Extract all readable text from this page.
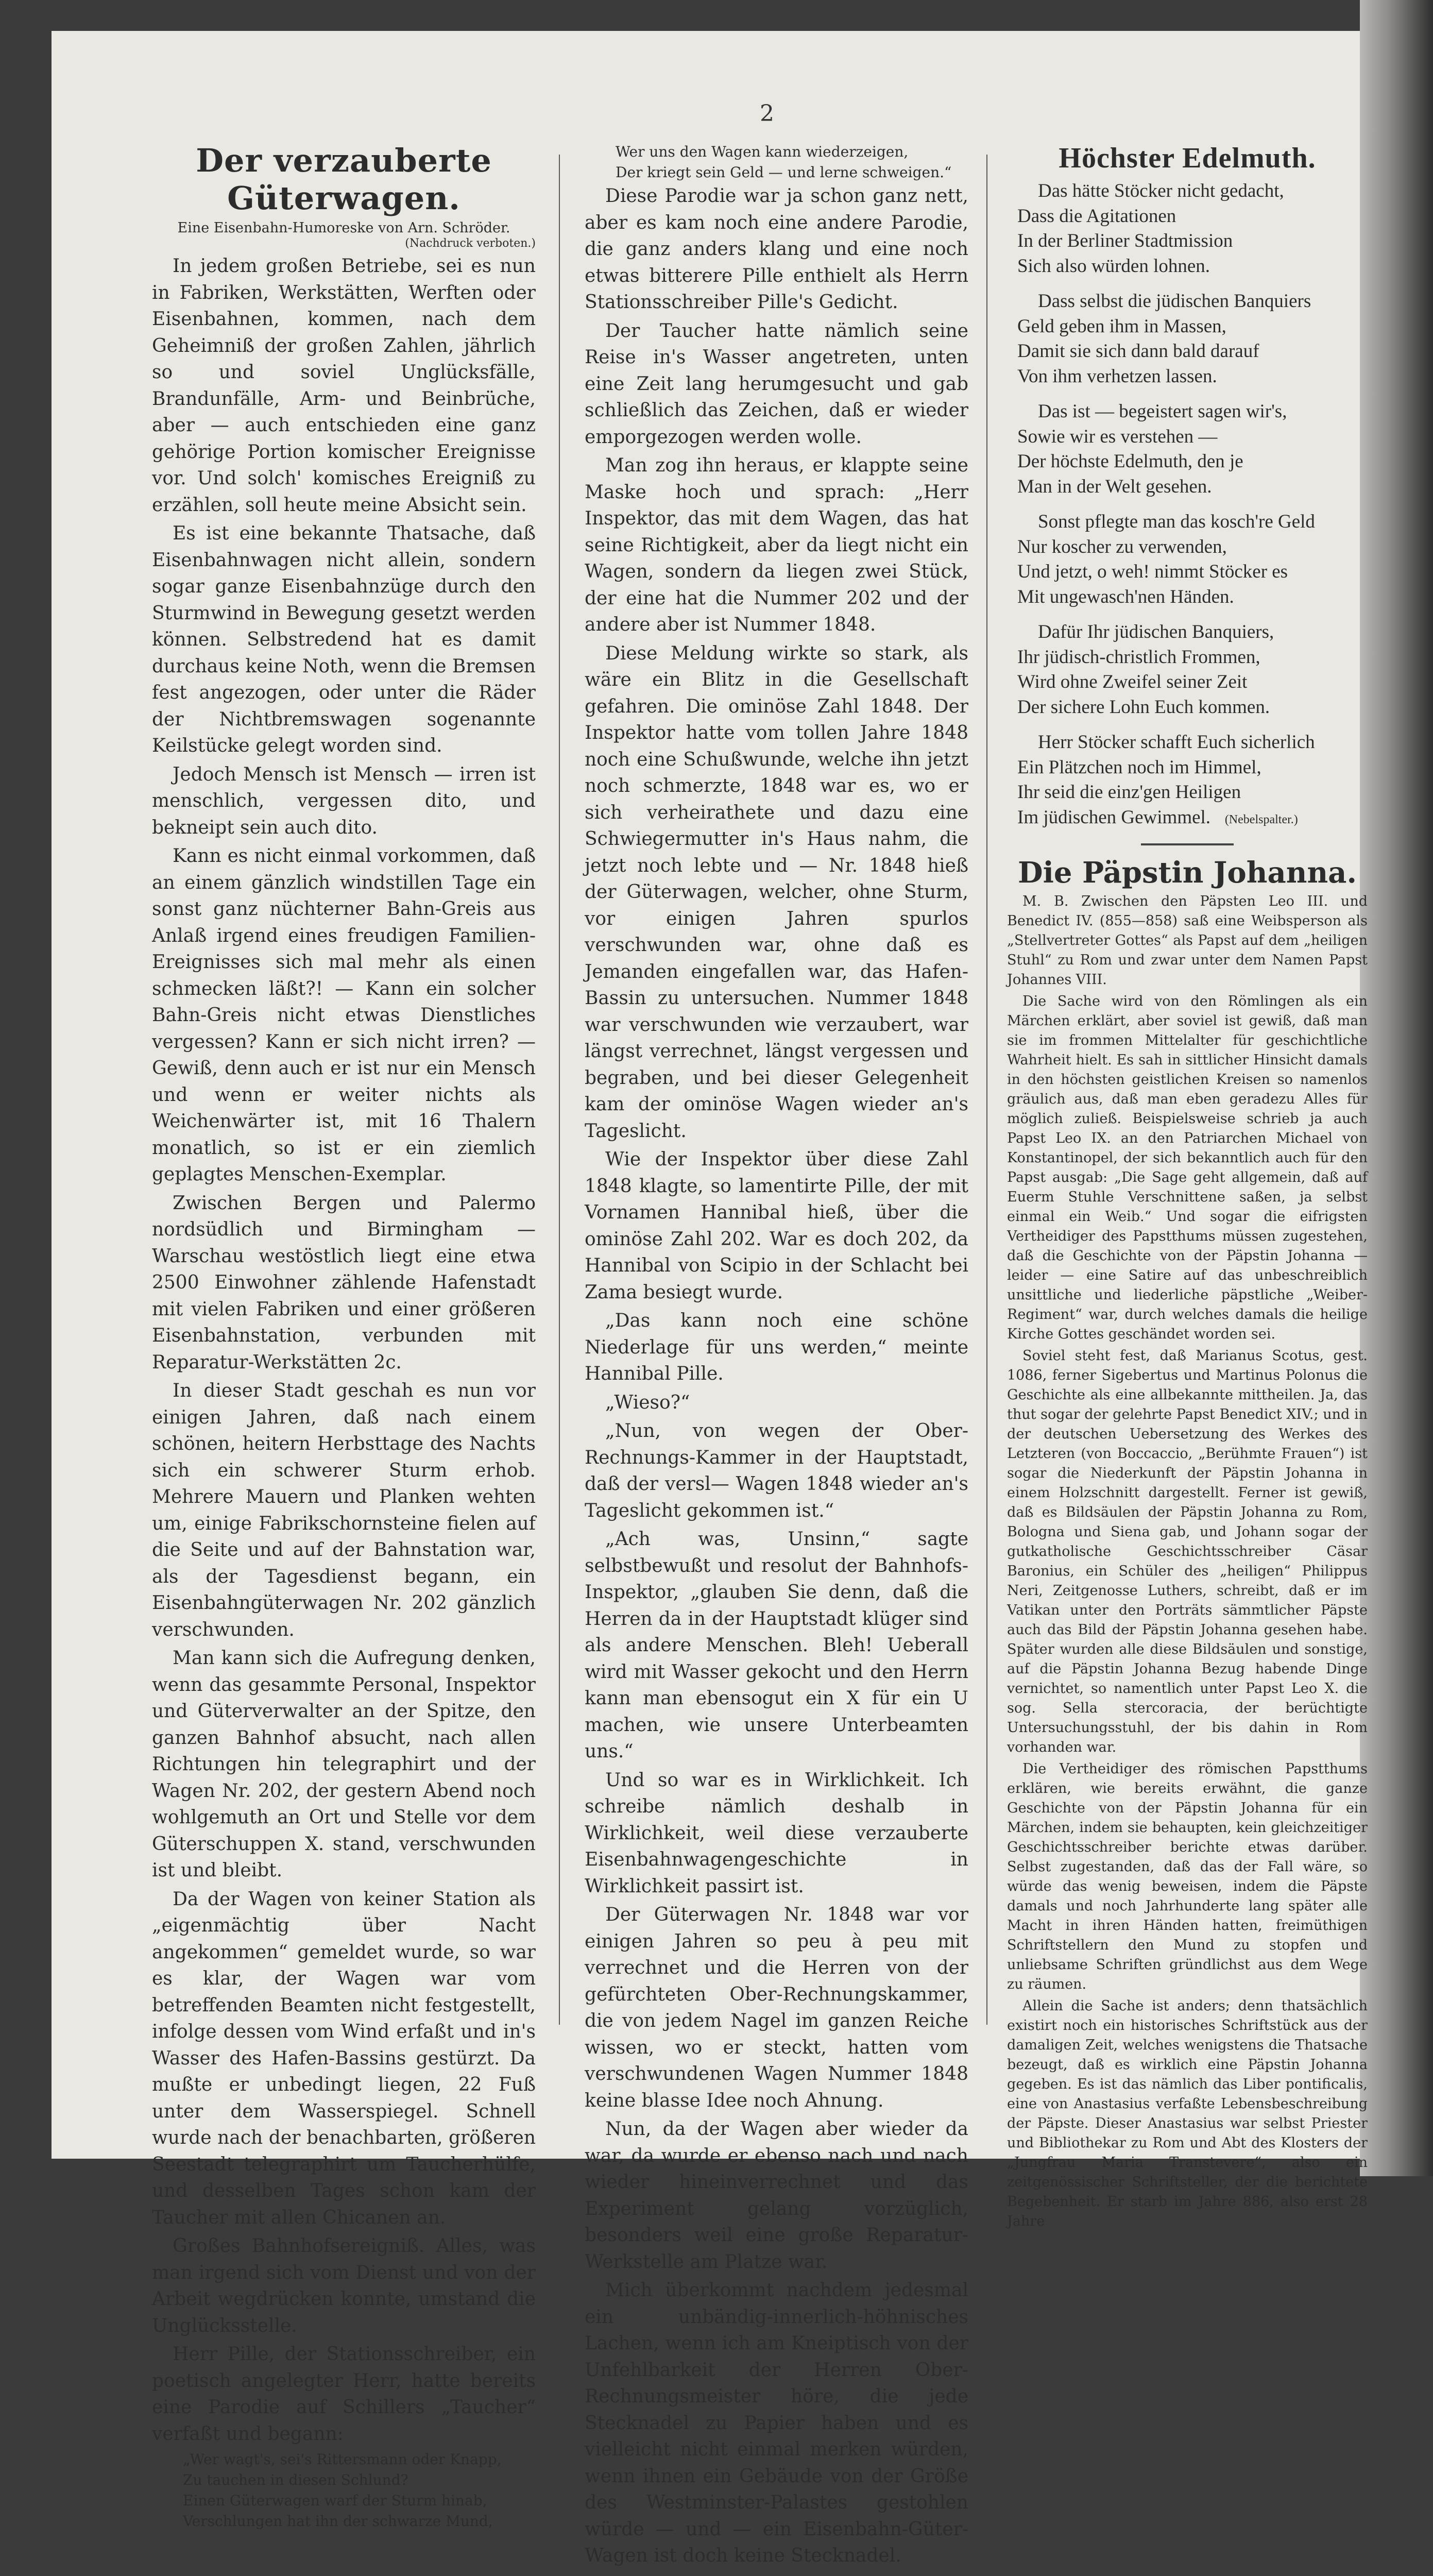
2
Der verzauberte Güterwagen.
Eine Eisenbahn-Humoreske von Arn. Schröder.
(Nachdruck verboten.)

In jedem großen Betriebe, sei es nun in Fabriken, Werkstätten, Werften oder Eisenbahnen, kommen, nach dem Geheimniß der großen Zahlen, jährlich so und soviel Unglücksfälle, Brandunfälle, Arm- und Beinbrüche, aber — auch entschieden eine ganz gehörige Portion komischer Ereignisse vor. Und solch' komisches Ereigniß zu erzählen, soll heute meine Absicht sein.

Es ist eine bekannte Thatsache, daß Eisenbahnwagen nicht allein, sondern sogar ganze Eisenbahnzüge durch den Sturmwind in Bewegung gesetzt werden können. Selbstredend hat es damit durchaus keine Noth, wenn die Bremsen fest angezogen, oder unter die Räder der Nichtbremswagen sogenannte Keilstücke gelegt worden sind.

Jedoch Mensch ist Mensch — irren ist menschlich, vergessen dito, und bekneipt sein auch dito.

Kann es nicht einmal vorkommen, daß an einem gänzlich windstillen Tage ein sonst ganz nüchterner Bahn-Greis aus Anlaß irgend eines freudigen Familien-Ereignisses sich mal mehr als einen schmecken läßt?! — Kann ein solcher Bahn-Greis nicht etwas Dienstliches vergessen? Kann er sich nicht irren? — Gewiß, denn auch er ist nur ein Mensch und wenn er weiter nichts als Weichenwärter ist, mit 16 Thalern monatlich, so ist er ein ziemlich geplagtes Menschen-Exemplar.

Zwischen Bergen und Palermo nordsüdlich und Birmingham — Warschau westöstlich liegt eine etwa 2500 Einwohner zählende Hafenstadt mit vielen Fabriken und einer größeren Eisenbahnstation, verbunden mit Reparatur-Werkstätten 2c.

In dieser Stadt geschah es nun vor einigen Jahren, daß nach einem schönen, heitern Herbsttage des Nachts sich ein schwerer Sturm erhob. Mehrere Mauern und Planken wehten um, einige Fabrikschornsteine fielen auf die Seite und auf der Bahnstation war, als der Tagesdienst begann, ein Eisenbahngüterwagen Nr. 202 gänzlich verschwunden.

Man kann sich die Aufregung denken, wenn das gesammte Personal, Inspektor und Güterverwalter an der Spitze, den ganzen Bahnhof absucht, nach allen Richtungen hin telegraphirt und der Wagen Nr. 202, der gestern Abend noch wohlgemuth an Ort und Stelle vor dem Güterschuppen X. stand, verschwunden ist und bleibt.

Da der Wagen von keiner Station als „eigenmächtig über Nacht angekommen“ gemeldet wurde, so war es klar, der Wagen war vom betreffenden Beamten nicht festgestellt, infolge dessen vom Wind erfaßt und in's Wasser des Hafen-Bassins gestürzt. Da mußte er unbedingt liegen, 22 Fuß unter dem Wasserspiegel. Schnell wurde nach der benachbarten, größeren Seestadt telegraphirt um Taucherhülfe, und desselben Tages schon kam der Taucher mit allen Chicanen an.

Großes Bahnhofsereigniß. Alles, was man irgend sich vom Dienst und von der Arbeit wegdrücken konnte, umstand die Unglücksstelle.

Herr Pille, der Stationsschreiber, ein poetisch angelegter Herr, hatte bereits eine Parodie auf Schillers „Taucher“ verfaßt und begann:

„Wer wagt's, sei's Rittersmann oder Knapp,
Zu tauchen in diesen Schlund?
Einen Güterwagen warf der Sturm hinab,
Verschlungen hat ihn der schwarze Mund,
Wer uns den Wagen kann wiederzeigen,
Der kriegt sein Geld — und lerne schweigen.“

Diese Parodie war ja schon ganz nett, aber es kam noch eine andere Parodie, die ganz anders klang und eine noch etwas bitterere Pille enthielt als Herrn Stationsschreiber Pille's Gedicht.

Der Taucher hatte nämlich seine Reise in's Wasser angetreten, unten eine Zeit lang herumgesucht und gab schließlich das Zeichen, daß er wieder emporgezogen werden wolle.

Man zog ihn heraus, er klappte seine Maske hoch und sprach: „Herr Inspektor, das mit dem Wagen, das hat seine Richtigkeit, aber da liegt nicht ein Wagen, sondern da liegen zwei Stück, der eine hat die Nummer 202 und der andere aber ist Nummer 1848.

Diese Meldung wirkte so stark, als wäre ein Blitz in die Gesellschaft gefahren. Die ominöse Zahl 1848. Der Inspektor hatte vom tollen Jahre 1848 noch eine Schußwunde, welche ihn jetzt noch schmerzte, 1848 war es, wo er sich verheirathete und dazu eine Schwiegermutter in's Haus nahm, die jetzt noch lebte und — Nr. 1848 hieß der Güterwagen, welcher, ohne Sturm, vor einigen Jahren spurlos verschwunden war, ohne daß es Jemanden eingefallen war, das Hafen-Bassin zu untersuchen. Nummer 1848 war verschwunden wie verzaubert, war längst verrechnet, längst vergessen und begraben, und bei dieser Gelegenheit kam der ominöse Wagen wieder an's Tageslicht.

Wie der Inspektor über diese Zahl 1848 klagte, so lamentirte Pille, der mit Vornamen Hannibal hieß, über die ominöse Zahl 202. War es doch 202, da Hannibal von Scipio in der Schlacht bei Zama besiegt wurde.

„Das kann noch eine schöne Niederlage für uns werden,“ meinte Hannibal Pille.

„Wieso?“

„Nun, von wegen der Ober-Rechnungs-Kammer in der Hauptstadt, daß der versl— Wagen 1848 wieder an's Tageslicht gekommen ist.“

„Ach was, Unsinn,“ sagte selbstbewußt und resolut der Bahnhofs-Inspektor, „glauben Sie denn, daß die Herren da in der Hauptstadt klüger sind als andere Menschen. Bleh! Ueberall wird mit Wasser gekocht und den Herrn kann man ebensogut ein X für ein U machen, wie unsere Unterbeamten uns.“

Und so war es in Wirklichkeit. Ich schreibe nämlich deshalb in Wirklichkeit, weil diese verzauberte Eisenbahnwagengeschichte in Wirklichkeit passirt ist.

Der Güterwagen Nr. 1848 war vor einigen Jahren so peu à peu mit verrechnet und die Herren von der gefürchteten Ober-Rechnungskammer, die von jedem Nagel im ganzen Reiche wissen, wo er steckt, hatten vom verschwundenen Wagen Nummer 1848 keine blasse Idee noch Ahnung.

Nun, da der Wagen aber wieder da war, da wurde er ebenso nach und nach wieder hineinverrechnet und das Experiment gelang vorzüglich, besonders weil eine große Reparatur-Werkstelle am Platze war.

Mich überkommt nachdem jedesmal ein unbändig-innerlich-höhnisches Lachen, wenn ich am Kneiptisch von der Unfehlbarkeit der Herren Ober-Rechnungsmeister höre, die jede Stecknadel zu Papier haben und es vielleicht nicht einmal merken würden, wenn ihnen ein Gebäude von der Größe des Westminster-Palastes gestohlen würde — und — ein Eisenbahn-Güter-Wagen ist doch keine Stecknadel.

Höchster Edelmuth.
Das hätte Stöcker nicht gedacht,
Dass die Agitationen
In der Berliner Stadtmission
Sich also würden lohnen.
Dass selbst die jüdischen Banquiers
Geld geben ihm in Massen,
Damit sie sich dann bald darauf
Von ihm verhetzen lassen.
Das ist — begeistert sagen wir's,
Sowie wir es verstehen —
Der höchste Edelmuth, den je
Man in der Welt gesehen.
Sonst pflegte man das kosch're Geld
Nur koscher zu verwenden,
Und jetzt, o weh! nimmt Stöcker es
Mit ungewasch'nen Händen.
Dafür Ihr jüdischen Banquiers,
Ihr jüdisch-christlich Frommen,
Wird ohne Zweifel seiner Zeit
Der sichere Lohn Euch kommen.
Herr Stöcker schafft Euch sicherlich
Ein Plätzchen noch im Himmel,
Ihr seid die einz'gen Heiligen
Im jüdischen Gewimmel. (Nebelspalter.)
Die Päpstin Johanna.

M. B. Zwischen den Päpsten Leo III. und Benedict IV. (855—858) saß eine Weibsperson als „Stellvertreter Gottes“ als Papst auf dem „heiligen Stuhl“ zu Rom und zwar unter dem Namen Papst Johannes VIII.

Die Sache wird von den Römlingen als ein Märchen erklärt, aber soviel ist gewiß, daß man sie im frommen Mittelalter für geschichtliche Wahrheit hielt. Es sah in sittlicher Hinsicht damals in den höchsten geistlichen Kreisen so namenlos gräulich aus, daß man eben geradezu Alles für möglich zuließ. Beispielsweise schrieb ja auch Papst Leo IX. an den Patriarchen Michael von Konstantinopel, der sich bekanntlich auch für den Papst ausgab: „Die Sage geht allgemein, daß auf Euerm Stuhle Verschnittene saßen, ja selbst einmal ein Weib.“ Und sogar die eifrigsten Vertheidiger des Papstthums müssen zugestehen, daß die Geschichte von der Päpstin Johanna — leider — eine Satire auf das unbeschreiblich unsittliche und liederliche päpstliche „Weiber-Regiment“ war, durch welches damals die heilige Kirche Gottes geschändet worden sei.

Soviel steht fest, daß Marianus Scotus, gest. 1086, ferner Sigebertus und Martinus Polonus die Geschichte als eine allbekannte mittheilen. Ja, das thut sogar der gelehrte Papst Benedict XIV.; und in der deutschen Uebersetzung des Werkes des Letzteren (von Boccaccio, „Berühmte Frauen“) ist sogar die Niederkunft der Päpstin Johanna in einem Holzschnitt dargestellt. Ferner ist gewiß, daß es Bildsäulen der Päpstin Johanna zu Rom, Bologna und Siena gab, und Johann sogar der gutkatholische Geschichtsschreiber Cäsar Baronius, ein Schüler des „heiligen“ Philippus Neri, Zeitgenosse Luthers, schreibt, daß er im Vatikan unter den Porträts sämmtlicher Päpste auch das Bild der Päpstin Johanna gesehen habe. Später wurden alle diese Bildsäulen und sonstige, auf die Päpstin Johanna Bezug habende Dinge vernichtet, so namentlich unter Papst Leo X. die sog. Sella stercoracia, der berüchtigte Untersuchungsstuhl, der bis dahin in Rom vorhanden war.

Die Vertheidiger des römischen Papstthums erklären, wie bereits erwähnt, die ganze Geschichte von der Päpstin Johanna für ein Märchen, indem sie behaupten, kein gleichzeitiger Geschichtsschreiber berichte etwas darüber. Selbst zugestanden, daß das der Fall wäre, so würde das wenig beweisen, indem die Päpste damals und noch Jahrhunderte lang später alle Macht in ihren Händen hatten, freimüthigen Schriftstellern den Mund zu stopfen und unliebsame Schriften gründlichst aus dem Wege zu räumen.

Allein die Sache ist anders; denn thatsächlich existirt noch ein historisches Schriftstück aus der damaligen Zeit, welches wenigstens die Thatsache bezeugt, daß es wirklich eine Päpstin Johanna gegeben. Es ist das nämlich das Liber pontificalis, eine von Anastasius verfaßte Lebensbeschreibung der Päpste. Dieser Anastasius war selbst Priester und Bibliothekar zu Rom und Abt des Klosters der „Jungfrau Maria Transtevere“, also ein zeitgenössischer Schriftsteller, der die berichtete Begebenheit. Er starb im Jahre 886, also erst 28 Jahre
